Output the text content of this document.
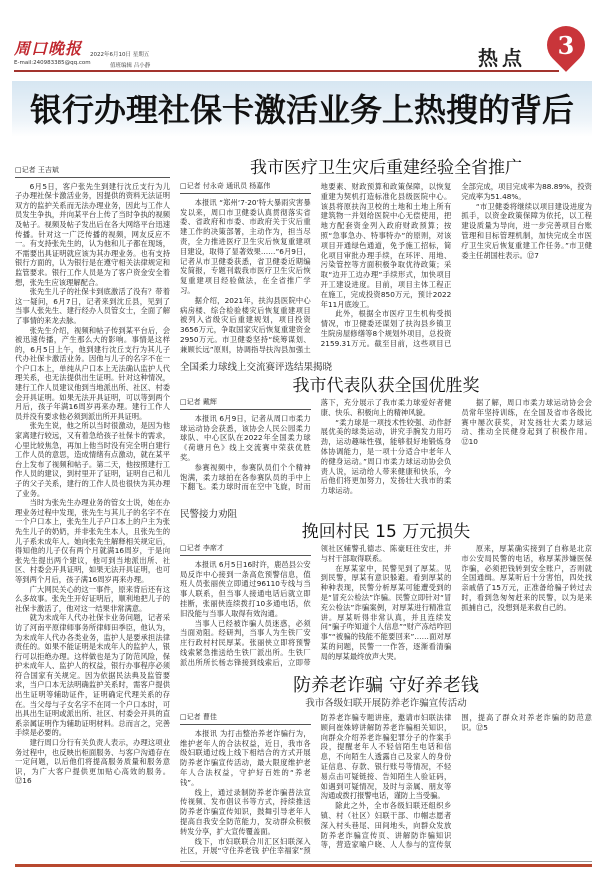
周口晚报
E-mail:240983385@qq.com
2022年6月10日 星期五
值班编辑 吕小静	热点	3
银行办理社保卡激活业务上热搜的背后
□记者 王吉斌

6月5日，客户张先生到建行沈丘支行为儿子办理社保卡激活业务，因提供的资料无法证明双方的监护关系而无法办理业务，因此与工作人员发生争执，并向某平台上传了当时争执的视频及帖子。视频及帖子发出后在各大网络平台迅速传播。针对这一广泛传播的视频，网友反应不一。有支持张先生的，认为他和儿子都在现场，不需要出具证明就应该为其办理业务。也有支持银行方面的，认为银行是在遵守相关法律规定和监管要求。银行工作人员是为了客户资金安全着想，张先生应该理解配合。

张先生儿子的社保卡到底激活了没有？带着这一疑问，6月7日，记者来到沈丘县，见到了当事人张先生、建行经办人员管女士，全面了解了事情的来龙去脉。

张先生介绍，视频和帖子传到某平台后，会被迅速传播，产生那么大的影响。事情是这样的，6月5日上午，他到建行沈丘支行为其儿子代办社保卡激活业务。因他与儿子的名字不在一个户口本上，单纯从户口本上无法确认监护人代理关系，也无法提供出生证明。针对这种情况，建行工作人员建议他到当地派出所、社区、村委会开具证明。如果无法开具证明，可以等到两个月后，孩子年满16周岁再来办理。建行工作人员并没有要求他必须到派出所开具证明。

张先生说，他之所以当时很激动，是因为他家离建行较远，又有着急给孩子社保卡的需求，心里比较焦急，再加上他当时没有完全明白建行工作人员的意思，造成情绪有点激动，就在某平台上发布了视频和帖子。第二天，他按照建行工作人员的建议，到村里开了证明，证明自己和儿子的父子关系，建行的工作人员也很快为其办理了业务。

当时为张先生办理业务的管女士说，她在办理业务过程中发现，张先生与其儿子的名字不在一个户口本上，张先生儿子户口本上的户主为张先生儿子的奶奶，并非张先生本人，且张先生的儿子系未成年人。她向张先生解释相关规定后，得知他的儿子仅有两个月就满16周岁，于是向张先生提出两个建议，他可到当地派出所、社区、村委会开具证明，如果无法开具证明，也可等到两个月后，孩子满16周岁再来办理。

广大网民关心的这一事件，原来背后还有这么多故事。张先生开好证明后，顺利地把儿子的社保卡激活了，他对这一结果非常满意。

就为未成年人代办社保卡业务问题，记者采访了河南平原律师事务所律师田季臣，他认为，为未成年人代办各类业务，监护人是要承担法律责任的。如果不能证明是未成年人的监护人，银行可以拒绝办理。这样做也是为了防范风险，保护未成年人、监护人的权益，银行办事程序必须符合国家有关规定。因为依据民法典及监管要求，当户口本无法明确监护关系时，需客户提供出生证明等辅助证件，证明确定代理关系的存在。当父母与子女名字不在同一个户口本时，可出具出生证明或派出所、社区、村委会开具的直系亲属证明作为辅助证明材料。总而言之，完善手续是必要的。

建行周口分行有关负责人表示，办理这项业务过程中，也反映出柜面服务、与客户沟通存在一定问题，以后他们将提高服务质量和服务意识，为广大客户提供更加贴心高效的服务。⑫16

我市医疗卫生灾后重建经验全省推广
□记者 付永奇 通讯员 杨嘉伟

本报讯 “郑州‘7·20’特大暴雨灾害暴发以来，周口市卫健委认真贯彻落实省委、省政府和市委、市政府关于灾后重建工作的决策部署，主动作为，担当尽责，全力推进医疗卫生灾后恢复重建项目建设，取得了显著效果……”6月9日，记者从市卫健委获悉，省卫健委近期编发简报，专题刊载我市医疗卫生灾后恢复重建项目经验做法，在全省推广学习。

据介绍，2021年，扶沟县医院中心病房楼、综合检验楼灾后恢复重建项目被列入省级灾后重建规划，项目投资3656万元，争取国家灾后恢复重建资金2950万元。市卫健委坚持“统筹谋划、兼顾长远”原则，协调指导扶沟县加强土地要素、财政预算和政策保障，以恢复重建为契机打造标准化县级医院中心。该县将原扶沟卫校的土地和土地上所有建筑物一并划给医院中心无偿使用，把地方配套资金列入政府财政预算；按照“急事急办、特事特办”的原则，对该项目开通绿色通道，免予施工招标，简化项目审批办理手续，在环评、用地、污染管控等方面积极争取优待政策；采取“边开工边办理”手续形式，加快项目开工建设进度。目前，项目主体工程正在施工，完成投资850万元，预计2022年11月底竣工。

此外，根据全市医疗卫生机构受损情况，市卫健委还谋划了扶沟县乡镇卫生院房屋修缮等8个规划外项目，总投资2159.31万元。截至目前，这些项目已全部完成，项目完成率为88.89%，投资完成率为51.48%。

“市卫健委将继续以项目建设进度为抓手，以资金政策保障为依托，以工程建设质量为导向，进一步完善项目台账管理和目标管理机制，加快完成全市医疗卫生灾后恢复重建工作任务。”市卫健委主任胡国柱表示。⑫7

全国柔力球线上交流赛评选结果揭晓
我市代表队获全国优胜奖
□记者 戴辉

本报讯 6月9日，记者从周口市柔力球运动协会获悉，该协会人民公园柔力球队、中心区队在2022年全国柔力球《荷塘月色》线上交流赛中荣获优胜奖。

参赛视频中，参赛队员们个个精神饱满，柔力球拍在各参赛队员的手中上下翻飞。柔力球时而在空中飞旋，时而落下，充分展示了我市柔力球爱好者健康、快乐、积极向上的精神风貌。

“柔力球是一项技术性较强、动作舒展优美的球类运动，讲究手腕发力用巧劲，运动趣味性强，能够很好地锻炼身体协调能力，是一项十分适合中老年人的健身运动。”周口市柔力球运动协会负责人说，运动给人带来健康和快乐，今后他们将更加努力，发扬壮大我市的柔力球运动。

据了解，周口市柔力球运动协会会员常年坚持训练，在全国及省市各级比赛中屡次获奖，对发扬壮大柔力球运动、推动全民健身起到了积极作用。⑫10

民警接力劝阻
挽回村民 15 万元损失
□记者 李席才

本报讯 6月5日16时许，鹿邑县公安局反诈中心接到一条高危预警信息，值班人员张丽侠立即通过96110专线与当事人联系，但当事人接通电话后就立即挂断，张丽侠连续拨打10多通电话，依旧没能与当事人取得有效沟通。

当事人已经被诈骗人员迷惑，必须当面劝阻。经研判，当事人为生铁厂安庄行政村村民厚某。张丽侠立即将预警线索紧急推送给生铁厂派出所。生铁厂派出所所长杨志锋接到线索后，立即带领社区辅警孔德志、陈豪旺往安庄，并与村干部取得联系。

在厚某家中，民警见到了厚某。见到民警，厚某有意识躲避。看到厚某的种种表现，民警分析厚某可能遭受到的是“冒充公检法”诈骗。民警立即针对“冒充公检法”诈骗案例，对厚某进行精准宣讲。厚某听得非常认真，并且连续发问“骗子咋知道个人信息”“财产冻结咋回事”“被骗的钱能不能要回来”……面对厚某的问题，民警一一作答，逐渐看清骗局的厚某最终放声大哭。

原来，厚某确实接到了自称是北京市公安局民警的电话，称厚某涉嫌医保诈骗，必须把钱转到安全账户，否则就全国通缉。厚某听后十分害怕，四处找亲戚借了15万元，正准备给骗子转过去时，看到急匆匆赶来的民警，以为是来抓捕自己，没想到是来救自己的。

防养老诈骗 守好养老钱
我市各级妇联开展防养老诈骗宣传活动
□记者 曹佳

本报讯 为打击整治养老诈骗行为，维护老年人的合法权益，近日，我市各级妇联通过线上线下相结合的方式开展防养老诈骗宣传活动，最大限度维护老年人合法权益，守护好百姓的“养老钱”。

线上，通过录制防养老诈骗普法宣传视频、发布倡议书等方式，持续推送防养老诈骗宣传知识，鼓舞引导老年人提高自我安全防范能力，发动群众积极转发分享，扩大宣传覆盖面。

线下，市妇联联合川汇区妇联深入社区，开展“守住养老钱 护住幸福家”预防养老诈骗专题讲座，邀请市妇联法律顾问崔姝婷讲解防养老诈骗相关知识，向群众介绍养老诈骗犯罪分子的作案手段，提醒老年人不轻信陌生电话和信息，不向陌生人透露自己及家人的身份证信息、存款、银行账号等情况，不轻易点击可疑链接、告知陌生人验证码，如遇到可疑情况，及时与亲属、朋友等沟通或拨打报警电话，谨防上当受骗。

除此之外，全市各级妇联还组织乡镇、村（社区）妇联干部、巾帼志愿者深入村头巷尾、田间地头，向群众发放防养老诈骗宣传页、讲解防诈骗知识等，营造家喻户晓、人人参与的宣传氛围，提高了群众对养老诈骗的防范意识。⑫5
